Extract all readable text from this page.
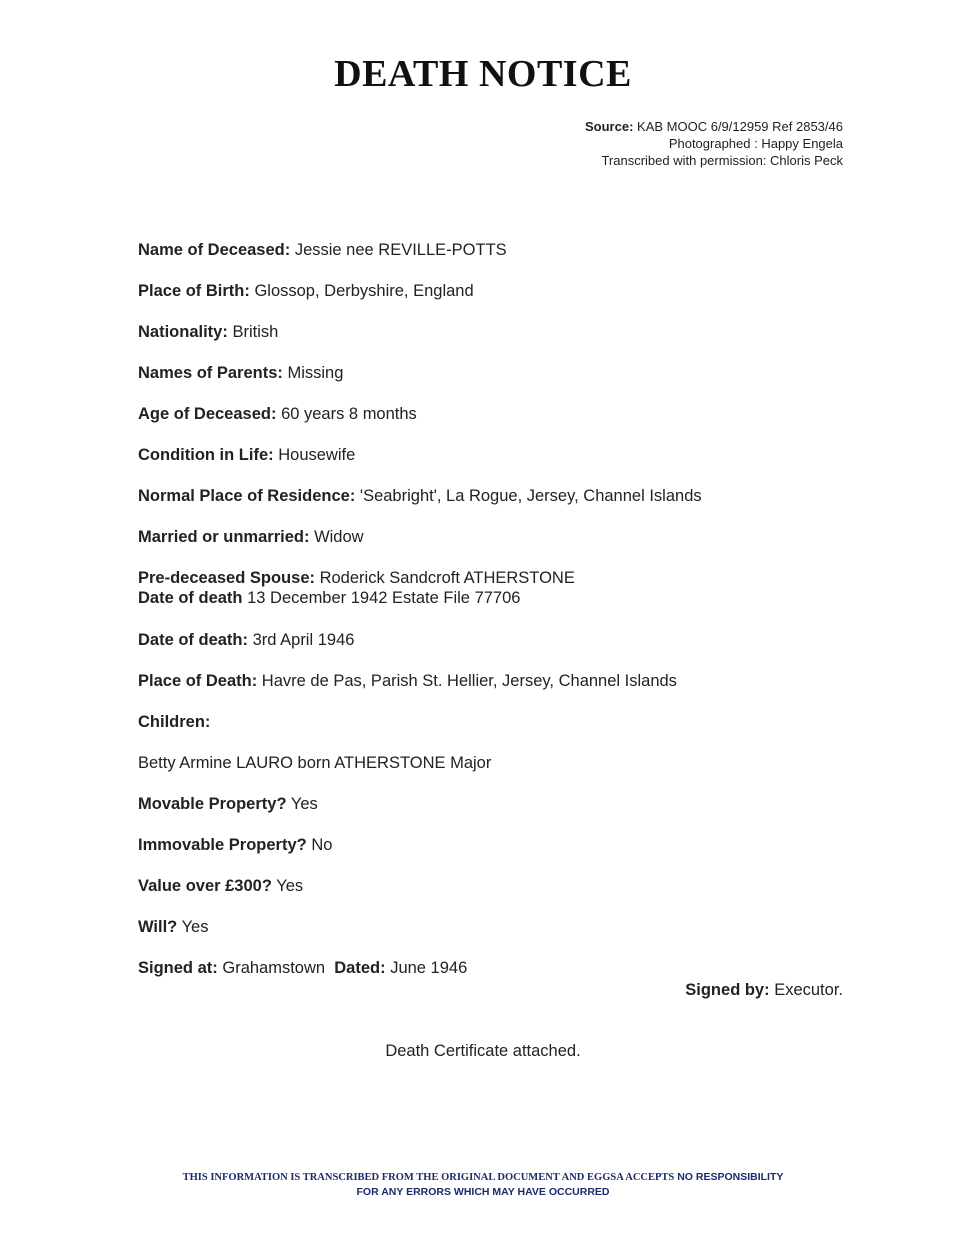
DEATH NOTICE
Source: KAB MOOC 6/9/12959 Ref 2853/46
Photographed : Happy Engela
Transcribed with permission: Chloris Peck
Name of Deceased: Jessie nee REVILLE-POTTS
Place of Birth: Glossop, Derbyshire, England
Nationality: British
Names of Parents: Missing
Age of Deceased: 60 years 8 months
Condition in Life: Housewife
Normal Place of Residence: 'Seabright', La Rogue, Jersey, Channel Islands
Married or unmarried: Widow
Pre-deceased Spouse: Roderick Sandcroft ATHERSTONE
Date of death 13 December 1942 Estate File 77706
Date of death: 3rd April 1946
Place of Death: Havre de Pas, Parish St. Hellier, Jersey, Channel Islands
Children:
Betty Armine LAURO born ATHERSTONE Major
Movable Property? Yes
Immovable Property? No
Value over £300? Yes
Will? Yes
Signed at: Grahamstown Dated: June 1946
Signed by: Executor.
Death Certificate attached.
THIS INFORMATION IS TRANSCRIBED FROM THE ORIGINAL DOCUMENT AND EGGSA ACCEPTS NO RESPONSIBILITY
FOR ANY ERRORS WHICH MAY HAVE OCCURRED
